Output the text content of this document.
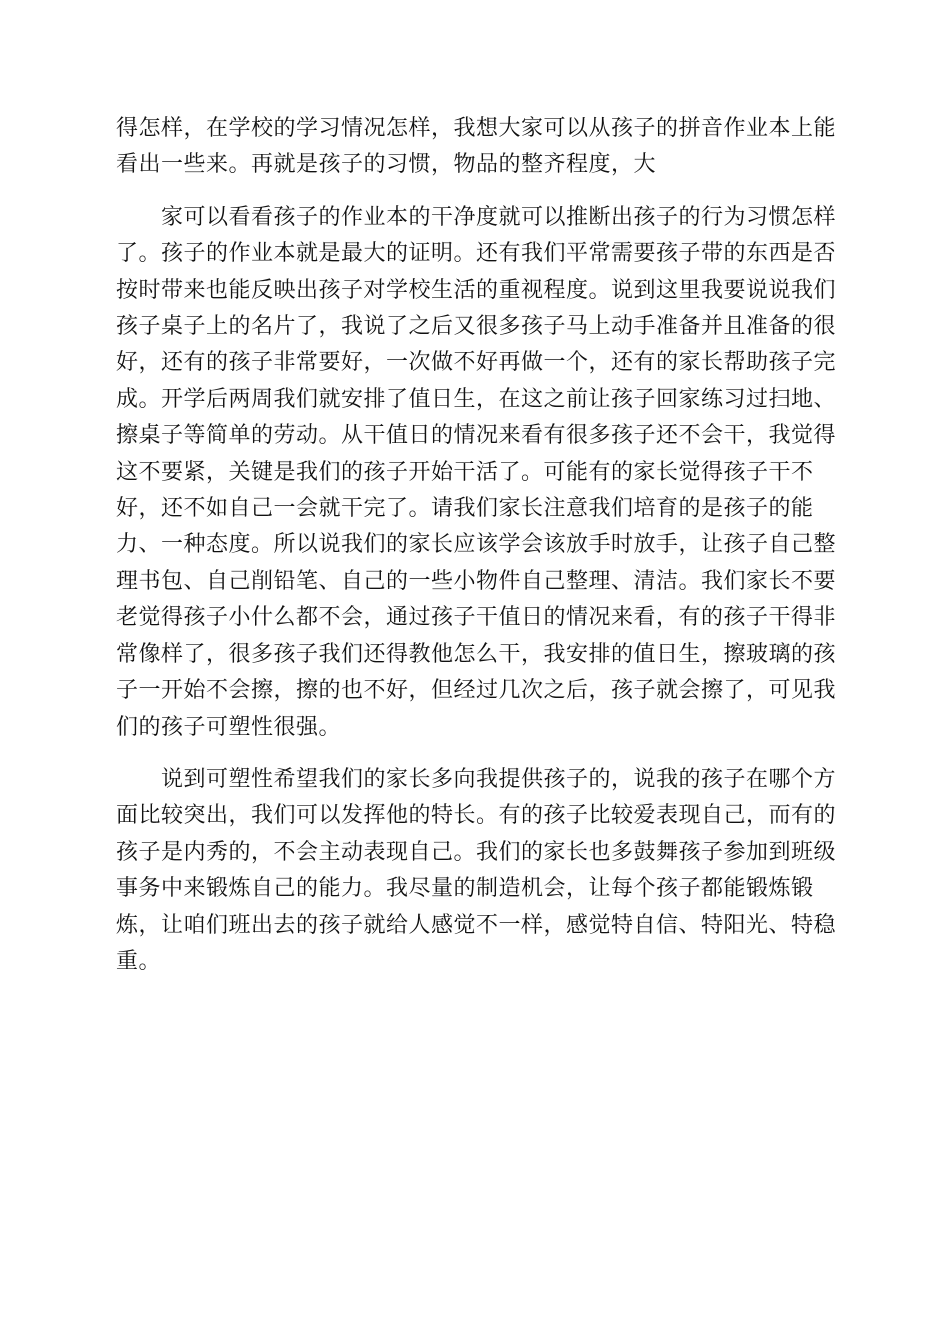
得怎样，在学校的学习情况怎样，我想大家可以从孩子的拼音作业本上能
看出一些来。再就是孩子的习惯，物品的整齐程度，大

家可以看看孩子的作业本的干净度就可以推断出孩子的行为习惯怎样
了。孩子的作业本就是最大的证明。还有我们平常需要孩子带的东西是否
按时带来也能反映出孩子对学校生活的重视程度。说到这里我要说说我们
孩子桌子上的名片了，我说了之后又很多孩子马上动手准备并且准备的很
好，还有的孩子非常要好，一次做不好再做一个，还有的家长帮助孩子完
成。开学后两周我们就安排了值日生，在这之前让孩子回家练习过扫地、
擦桌子等简单的劳动。从干值日的情况来看有很多孩子还不会干，我觉得
这不要紧，关键是我们的孩子开始干活了。可能有的家长觉得孩子干不
好，还不如自己一会就干完了。请我们家长注意我们培育的是孩子的能
力、一种态度。所以说我们的家长应该学会该放手时放手，让孩子自己整
理书包、自己削铅笔、自己的一些小物件自己整理、清洁。我们家长不要
老觉得孩子小什么都不会，通过孩子干值日的情况来看，有的孩子干得非
常像样了，很多孩子我们还得教他怎么干，我安排的值日生，擦玻璃的孩
子一开始不会擦，擦的也不好，但经过几次之后，孩子就会擦了，可见我
们的孩子可塑性很强。

说到可塑性希望我们的家长多向我提供孩子的，说我的孩子在哪个方
面比较突出，我们可以发挥他的特长。有的孩子比较爱表现自己，而有的
孩子是内秀的，不会主动表现自己。我们的家长也多鼓舞孩子参加到班级
事务中来锻炼自己的能力。我尽量的制造机会，让每个孩子都能锻炼锻
炼，让咱们班出去的孩子就给人感觉不一样，感觉特自信、特阳光、特稳
重。
